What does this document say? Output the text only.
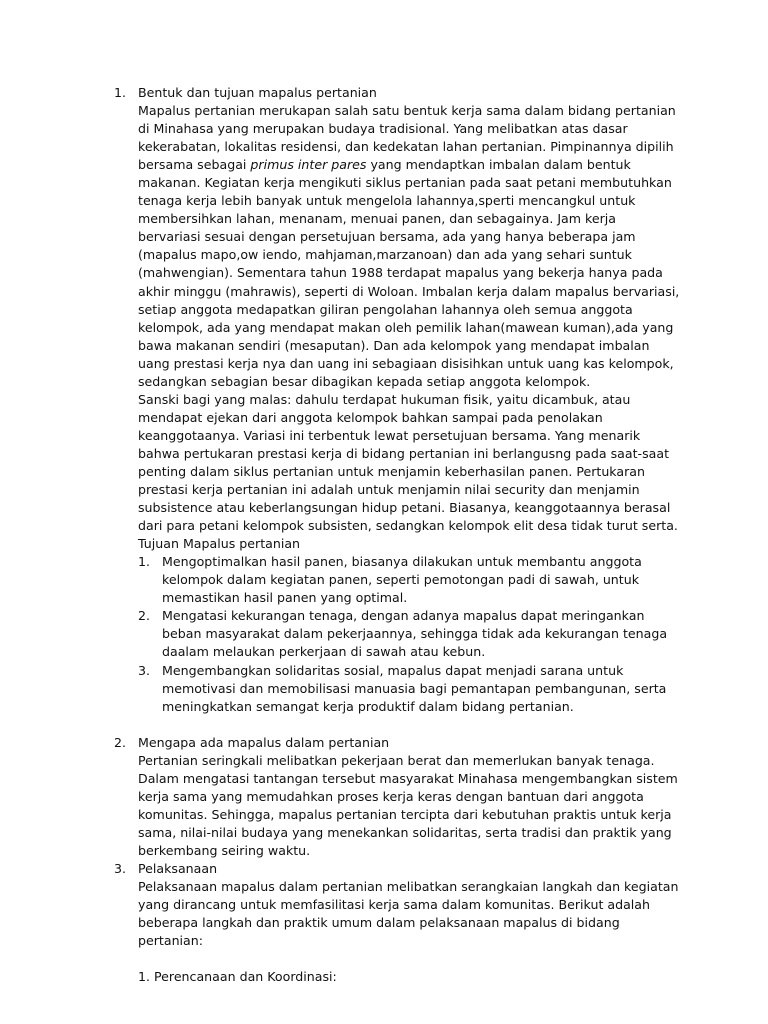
1. Bentuk dan tujuan mapalus pertanian
Mapalus pertanian merukapan salah satu bentuk kerja sama dalam bidang pertanian di Minahasa yang merupakan budaya tradisional. Yang melibatkan atas dasar kekerabatan, lokalitas residensi, dan kedekatan lahan pertanian. Pimpinannya dipilih bersama sebagai primus inter pares yang mendaptkan imbalan dalam bentuk makanan. Kegiatan kerja mengikuti siklus pertanian pada saat petani membutuhkan tenaga kerja lebih banyak untuk mengelola lahannya,sperti mencangkul untuk membersihkan lahan, menanam, menuai panen, dan sebagainya. Jam kerja bervariasi sesuai dengan persetujuan bersama, ada yang hanya beberapa jam (mapalus mapo,ow iendo, mahjaman,marzanoan) dan ada yang sehari suntuk (mahwengian). Sementara tahun 1988 terdapat mapalus yang bekerja hanya pada akhir minggu (mahrawis), seperti di Woloan. Imbalan kerja dalam mapalus bervariasi, setiap anggota medapatkan giliran pengolahan lahannya oleh semua anggota kelompok, ada yang mendapat makan oleh pemilik lahan(mawean kuman),ada yang bawa makanan sendiri (mesaputan). Dan ada kelompok yang mendapat imbalan uang prestasi kerja nya dan uang ini sebagiaan disisihkan untuk uang kas kelompok, sedangkan sebagian besar dibagikan kepada setiap anggota kelompok.
Sanski bagi yang malas: dahulu terdapat hukuman fisik, yaitu dicambuk, atau mendapat ejekan dari anggota kelompok bahkan sampai pada penolakan keanggotaanya. Variasi ini terbentuk lewat persetujuan bersama. Yang menarik bahwa pertukaran prestasi kerja di bidang pertanian ini berlangusng pada saat-saat penting dalam siklus pertanian untuk menjamin keberhasilan panen. Pertukaran prestasi kerja pertanian ini adalah untuk menjamin nilai security dan menjamin subsistence atau keberlangsungan hidup petani. Biasanya, keanggotaannya berasal dari para petani kelompok subsisten, sedangkan kelompok elit desa tidak turut serta.
Tujuan Mapalus pertanian
1. Mengoptimalkan hasil panen, biasanya dilakukan untuk membantu anggota kelompok dalam kegiatan panen, seperti pemotongan padi di sawah, untuk memastikan hasil panen yang optimal.
2. Mengatasi kekurangan tenaga, dengan adanya mapalus dapat meringankan beban masyarakat dalam pekerjaannya, sehingga tidak ada kekurangan tenaga daalam melaukan perkerjaan di sawah atau kebun.
3. Mengembangkan solidaritas sosial, mapalus dapat menjadi sarana untuk memotivasi dan memobilisasi manuasia bagi pemantapan pembangunan, serta meningkatkan semangat kerja produktif dalam bidang pertanian.
2. Mengapa ada mapalus dalam pertanian
Pertanian seringkali melibatkan pekerjaan berat dan memerlukan banyak tenaga. Dalam mengatasi tantangan tersebut masyarakat Minahasa mengembangkan sistem kerja sama yang memudahkan proses kerja keras dengan bantuan dari anggota komunitas. Sehingga, mapalus pertanian tercipta dari kebutuhan praktis untuk kerja sama, nilai-nilai budaya yang menekankan solidaritas, serta tradisi dan praktik yang berkembang seiring waktu.
3. Pelaksanaan
Pelaksanaan mapalus dalam pertanian melibatkan serangkaian langkah dan kegiatan yang dirancang untuk memfasilitasi kerja sama dalam komunitas. Berikut adalah beberapa langkah dan praktik umum dalam pelaksanaan mapalus di bidang pertanian:
1. Perencanaan dan Koordinasi:
